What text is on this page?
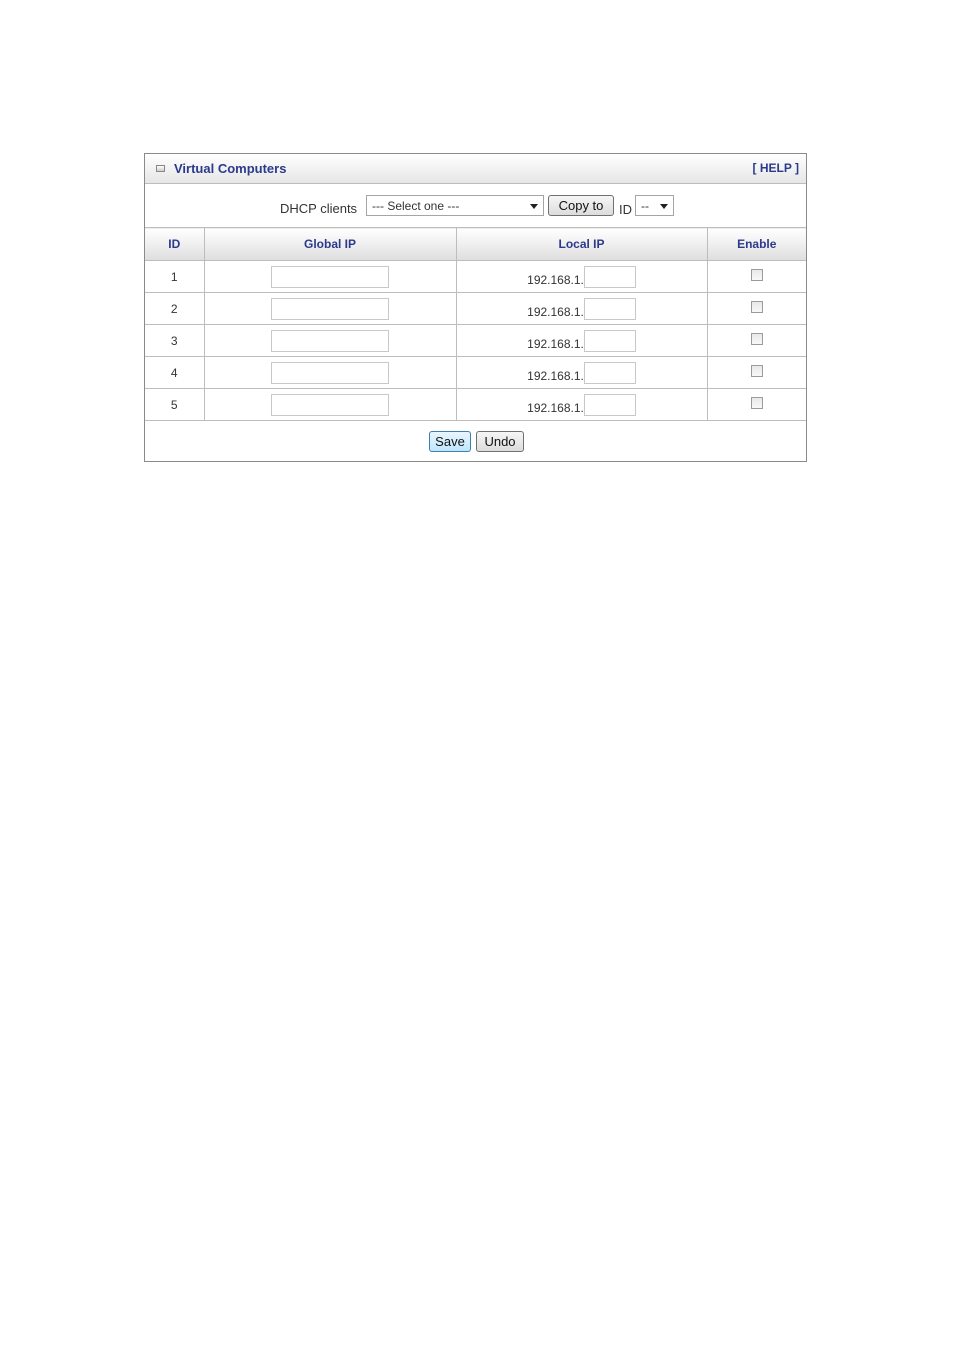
Virtual Computers	[ HELP ]
DHCP clients --- Select one ---	Copy to	ID --
ID	Global IP	Local IP	Enable
1		192.168.1.	
2		192.168.1.	
3		192.168.1.	
4		192.168.1.	
5		192.168.1.	
Save	Undo
